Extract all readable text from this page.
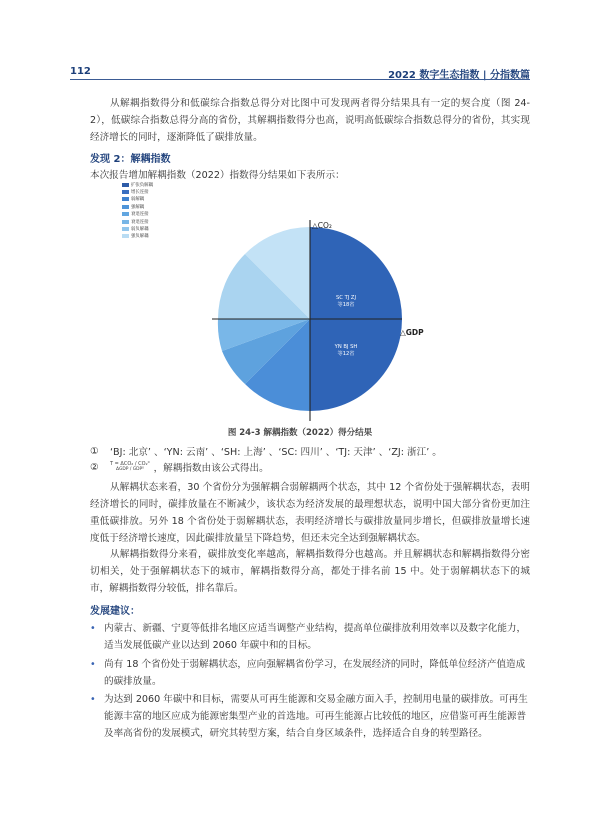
112	2022 数字生态指数 | 分指数篇

从解耦指数得分和低碳综合指数总得分对比图中可发现两者得分结果具有一定的契合度（图 24-2），低碳综合指数总得分高的省份，其解耦指数得分也高，说明高低碳综合指数总得分的省份，其实现经济增长的同时，逐渐降低了碳排放量。

发现 2：解耦指数
本次报告增加解耦指数（2022）指数得分结果如下表所示：
扩张负解耦
增长连接
弱解耦
强解耦
衰退连接
衰退连接
弱负解耦
强负解耦
SC TJ ZJ
等18省
YN BJ SH
等12省
△CO₂
△GDP
图 24-3 解耦指数（2022）得分结果
①	‘BJ: 北京’ 、‘YN: 云南’ 、‘SH: 上海’ 、‘SC: 四川’ 、‘TJ: 天津’ 、‘ZJ: 浙江’ 。
②	T = ΔCO₂ / CO₂⁰
ΔGDP / GDP⁰	，解耦指数由该公式得出。

从解耦状态来看，30 个省份分为强解耦合弱解耦两个状态，其中 12 个省份处于强解耦状态，表明经济增长的同时，碳排放量在不断减少，该状态为经济发展的最理想状态，说明中国大部分省份更加注重低碳排放。另外 18 个省份处于弱解耦状态，表明经济增长与碳排放量同步增长，但碳排放量增长速度低于经济增长速度，因此碳排放量呈下降趋势，但还未完全达到强解耦状态。

从解耦指数得分来看，碳排放变化率越高，解耦指数得分也越高。并且解耦状态和解耦指数得分密切相关，处于强解耦状态下的城市，解耦指数得分高，都处于排名前 15 中。处于弱解耦状态下的城市，解耦指数得分较低，排名靠后。

发展建议：
• 内蒙古、新疆、宁夏等低排名地区应适当调整产业结构，提高单位碳排放利用效率以及数字化能力，适当发展低碳产业以达到 2060 年碳中和的目标。
• 尚有 18 个省份处于弱解耦状态，应向强解耦省份学习，在发展经济的同时，降低单位经济产值造成的碳排放量。
• 为达到 2060 年碳中和目标，需要从可再生能源和交易金融方面入手，控制用电量的碳排放。可再生能源丰富的地区应成为能源密集型产业的首选地。可再生能源占比较低的地区，应借鉴可再生能源普及率高省份的发展模式，研究其转型方案，结合自身区域条件，选择适合自身的转型路径。
